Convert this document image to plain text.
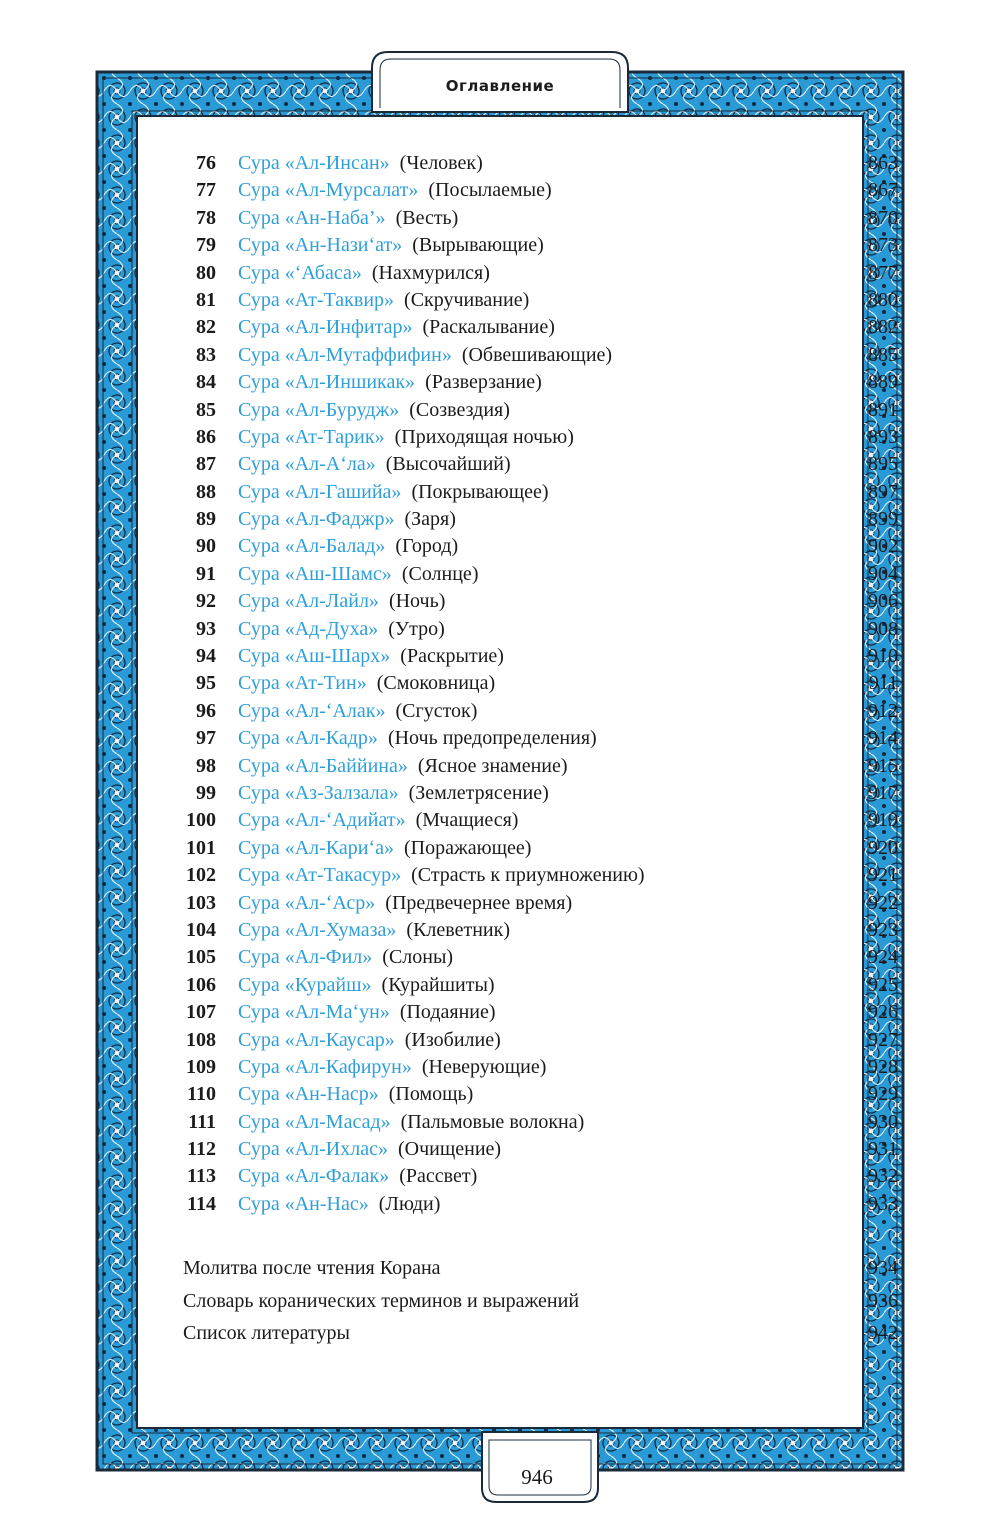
Оглавление
76 Сура «Ал-Инсан» (Человек)	863
77 Сура «Ал-Мурсалат» (Посылаемые)	867
78 Сура «Ан-Наба’» (Весть)	870
79 Сура «Ан-Нази‘ат» (Вырывающие)	873
80 Сура «‘Абаса» (Нахмурился)	877
81 Сура «Ат-Таквир» (Скручивание)	880
82 Сура «Ал-Инфитар» (Раскалывание)	882
83 Сура «Ал-Мутаффифин» (Обвешивающие)	885
84 Сура «Ал-Иншикак» (Разверзание)	889
85 Сура «Ал-Бурудж» (Созвездия)	891
86 Сура «Ат-Тарик» (Приходящая ночью)	893
87 Сура «Ал-А‘ла» (Высочайший)	895
88 Сура «Ал-Гашийа» (Покрывающее)	897
89 Сура «Ал-Фаджр» (Заря)	899
90 Сура «Ал-Балад» (Город)	902
91 Сура «Аш-Шамс» (Солнце)	904
92 Сура «Ал-Лайл» (Ночь)	906
93 Сура «Ад-Духа» (Утро)	908
94 Сура «Аш-Шарх» (Раскрытие)	910
95 Сура «Ат-Тин» (Смоковница)	911
96 Сура «Ал-‘Алак» (Сгусток)	912
97 Сура «Ал-Кадр» (Ночь предопределения)	914
98 Сура «Ал-Баййина» (Ясное знамение)	915
99 Сура «Аз-Залзала» (Землетрясение)	917
100 Сура «Ал-‘Адийат» (Мчащиеся)	919
101 Сура «Ал-Кари‘а» (Поражающее)	920
102 Сура «Ат-Такасур» (Страсть к приумножению)	921
103 Сура «Ал-‘Аср» (Предвечернее время)	922
104 Сура «Ал-Хумаза» (Клеветник)	923
105 Сура «Ал-Фил» (Слоны)	924
106 Сура «Курайш» (Курайшиты)	925
107 Сура «Ал-Ма‘ун» (Подаяние)	926
108 Сура «Ал-Каусар» (Изобилие)	927
109 Сура «Ал-Кафирун» (Неверующие)	928
110 Сура «Ан-Наср» (Помощь)	929
111 Сура «Ал-Масад» (Пальмовые волокна)	930
112 Сура «Ал-Ихлас» (Очищение)	931
113 Сура «Ал-Фалак» (Рассвет)	932
114 Сура «Ан-Нас» (Люди)	933
Молитва после чтения Корана	934
Словарь коранических терминов и выражений	936
Список литературы	942
946
